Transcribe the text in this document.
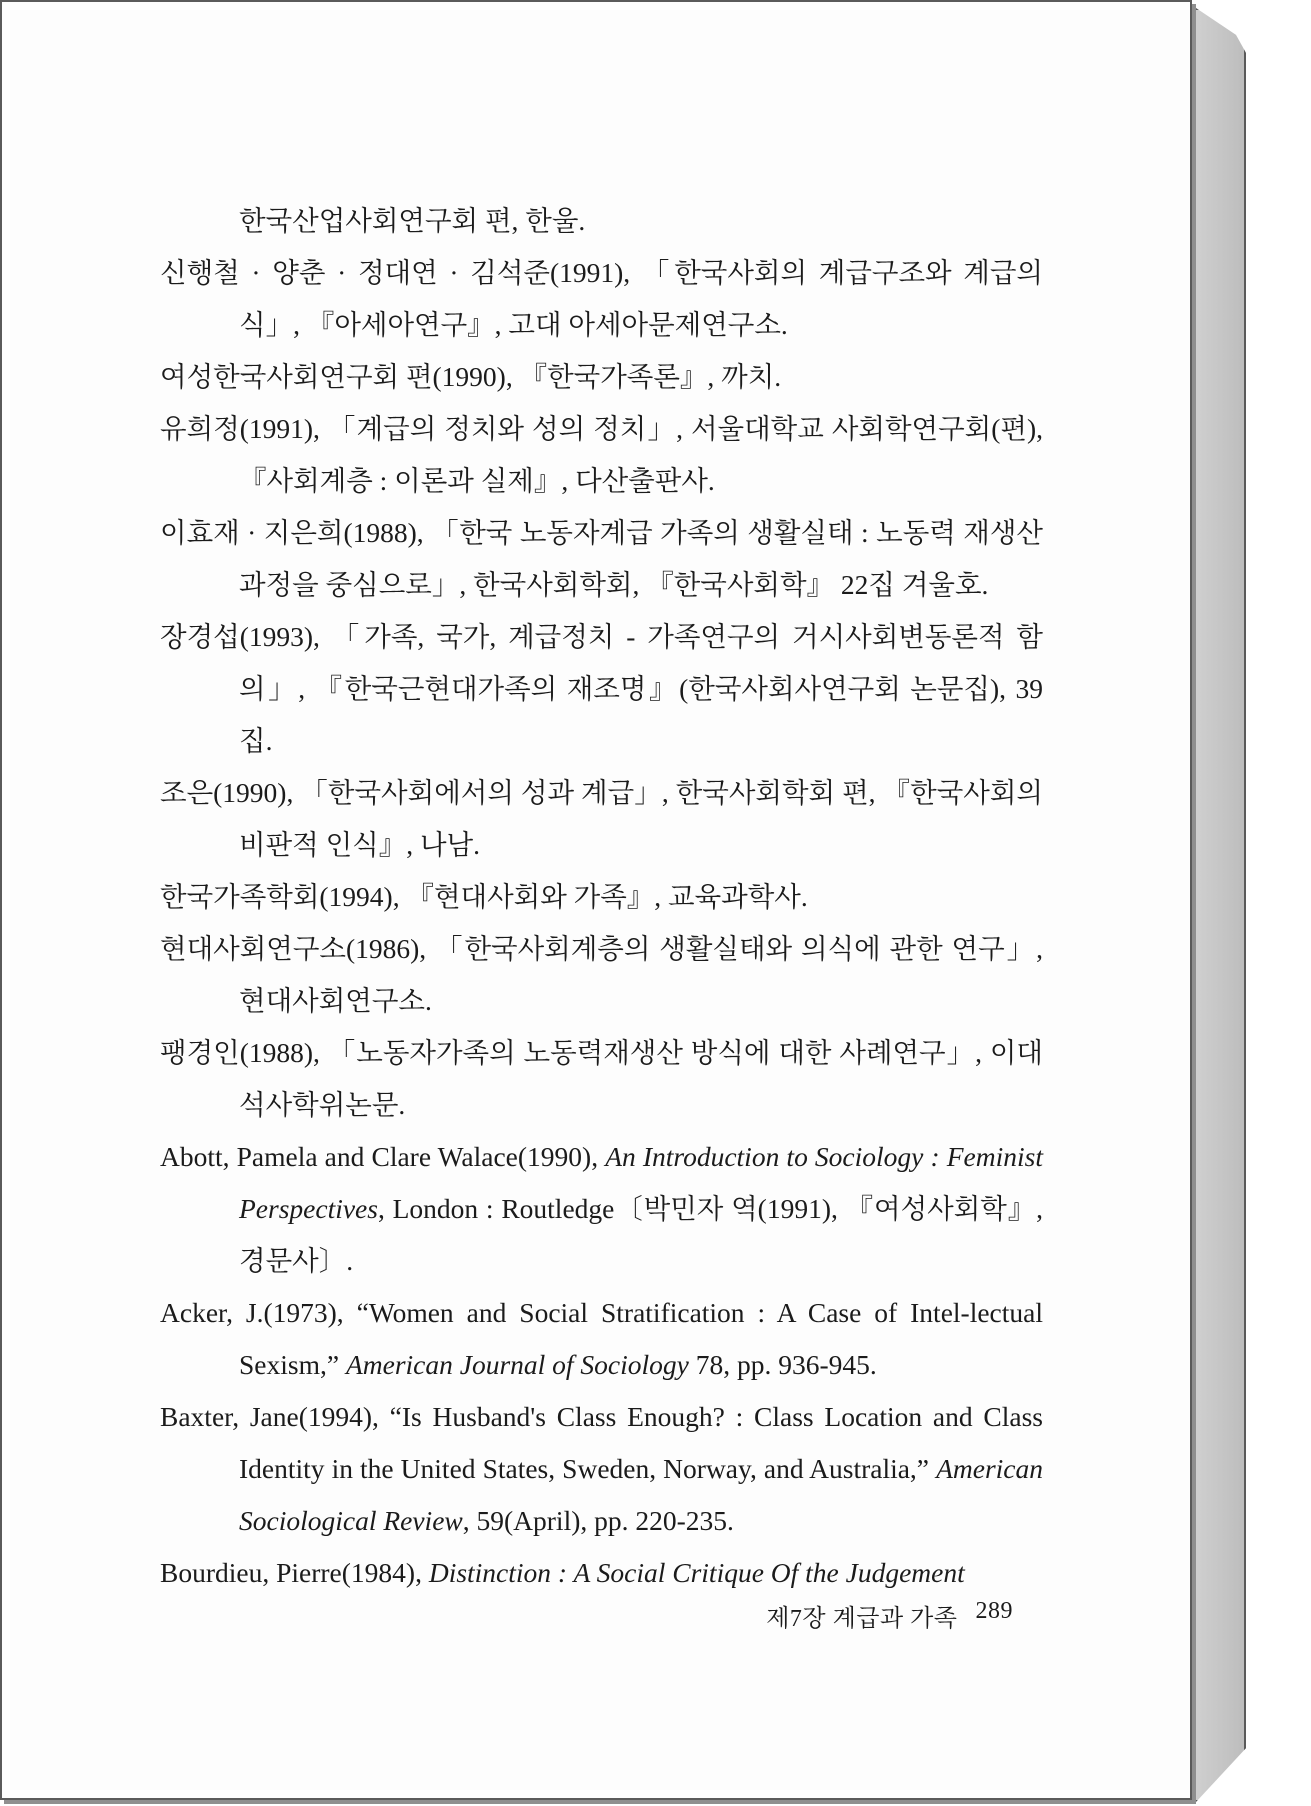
한국산업사회연구회 편, 한울.
신행철 · 양춘 · 정대연 · 김석준(1991), 「한국사회의 계급구조와 계급의식」, 『아세아연구』, 고대 아세아문제연구소.
여성한국사회연구회 편(1990), 『한국가족론』, 까치.
유희정(1991), 「계급의 정치와 성의 정치」, 서울대학교 사회학연구회(편), 『사회계층 : 이론과 실제』, 다산출판사.
이효재 · 지은희(1988), 「한국 노동자계급 가족의 생활실태 : 노동력 재생산 과정을 중심으로」, 한국사회학회, 『한국사회학』 22집 겨울호.
장경섭(1993), 「가족, 국가, 계급정치 - 가족연구의 거시사회변동론적 함의」, 『한국근현대가족의 재조명』(한국사회사연구회 논문집), 39집.
조은(1990), 「한국사회에서의 성과 계급」, 한국사회학회 편, 『한국사회의 비판적 인식』, 나남.
한국가족학회(1994), 『현대사회와 가족』, 교육과학사.
현대사회연구소(1986), 「한국사회계층의 생활실태와 의식에 관한 연구」, 현대사회연구소.
팽경인(1988), 「노동자가족의 노동력재생산 방식에 대한 사례연구」, 이대 석사학위논문.
Abott, Pamela and Clare Walace(1990), An Introduction to Sociology : Feminist Perspectives, London : Routledge〔박민자 역(1991), 『여성사회학』, 경문사〕.
Acker, J.(1973), “Women and Social Stratification : A Case of Intel-lectual Sexism,” American Journal of Sociology 78, pp. 936-945.
Baxter, Jane(1994), “Is Husband's Class Enough? : Class Location and Class Identity in the United States, Sweden, Norway, and Australia,” American Sociological Review, 59(April), pp. 220-235.
Bourdieu, Pierre(1984), Distinction : A Social Critique Of the Judgement
제7장 계급과 가족 289
